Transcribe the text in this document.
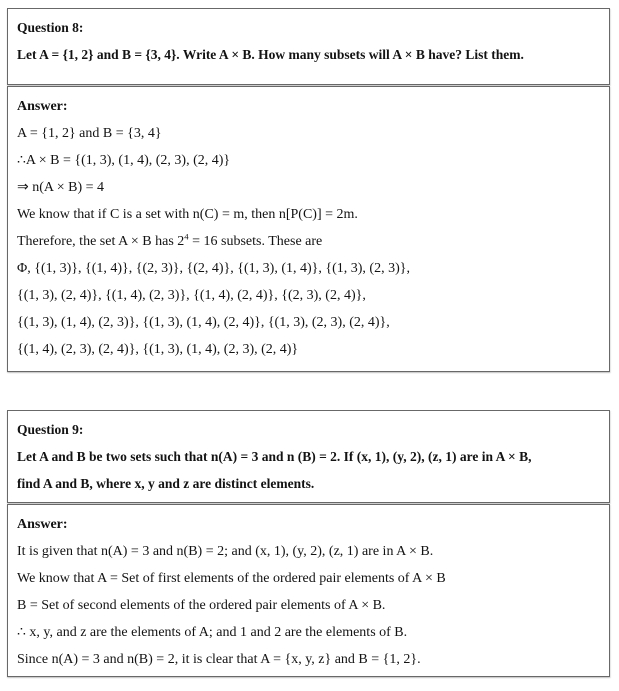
Question 8:

Let A = {1, 2} and B = {3, 4}. Write A × B. How many subsets will A × B have? List them.

Answer:

A = {1, 2} and B = {3, 4}

∴A × B = {(1, 3), (1, 4), (2, 3), (2, 4)}

⇒ n(A × B) = 4

We know that if C is a set with n(C) = m, then n[P(C)] = 2m.

Therefore, the set A × B has $2^4 = 16$ subsets. These are

Φ, {(1, 3)}, {(1, 4)}, {(2, 3)}, {(2, 4)}, {(1, 3), (1, 4)}, {(1, 3), (2, 3)},

{(1, 3), (2, 4)}, {(1, 4), (2, 3)}, {(1, 4), (2, 4)}, {(2, 3), (2, 4)},

{(1, 3), (1, 4), (2, 3)}, {(1, 3), (1, 4), (2, 4)}, {(1, 3), (2, 3), (2, 4)},

{(1, 4), (2, 3), (2, 4)}, {(1, 3), (1, 4), (2, 3), (2, 4)}

Question 9:

Let A and B be two sets such that n(A) = 3 and n (B) = 2. If (x, 1), (y, 2), (z, 1) are in A × B,

find A and B, where x, y and z are distinct elements.

Answer:

It is given that n(A) = 3 and n(B) = 2; and (x, 1), (y, 2), (z, 1) are in A × B.

We know that A = Set of first elements of the ordered pair elements of A × B

B = Set of second elements of the ordered pair elements of A × B.

∴ x, y, and z are the elements of A; and 1 and 2 are the elements of B.

Since n(A) = 3 and n(B) = 2, it is clear that A = {x, y, z} and B = {1, 2}.
